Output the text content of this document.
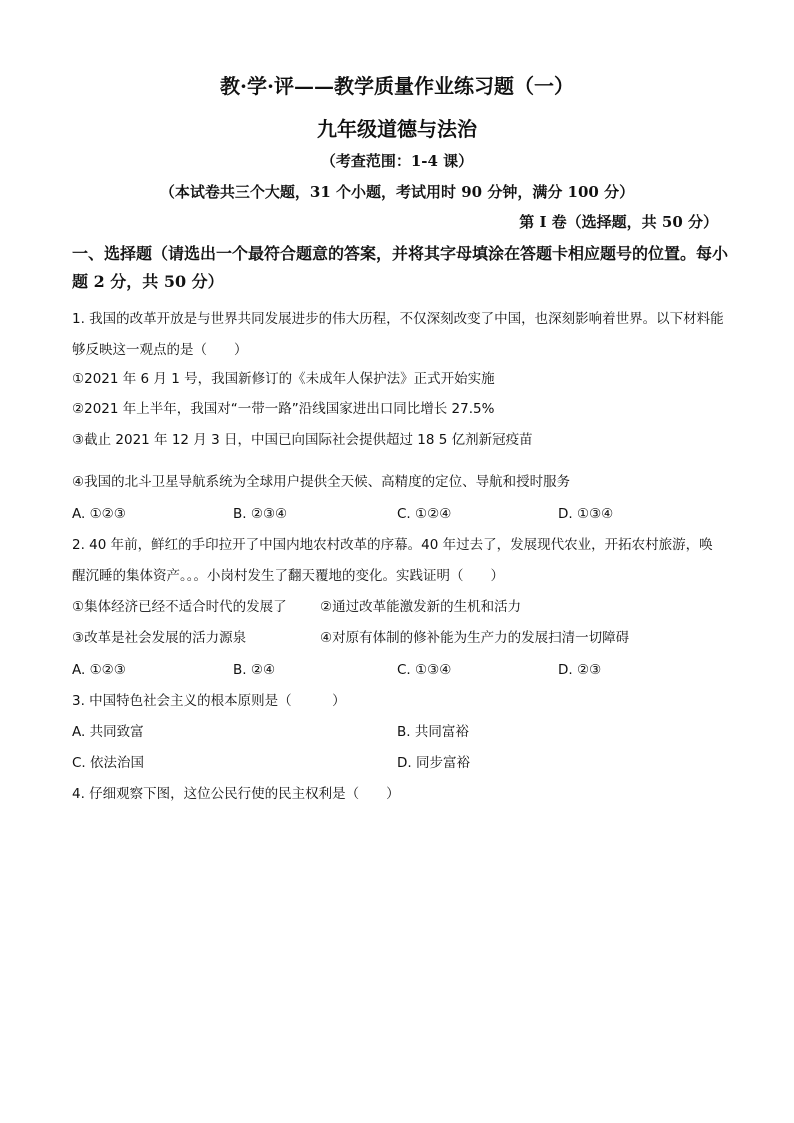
教·学·评——教学质量作业练习题（一）
九年级道德与法治
（考查范围：1-4 课）
（本试卷共三个大题，31 个小题，考试用时 90 分钟，满分 100 分）
第 I 卷（选择题，共 50 分）
一、选择题（请选出一个最符合题意的答案，并将其字母填涂在答题卡相应题号的位置。每小题 2 分，共 50 分）
1. 我国的改革开放是与世界共同发展进步的伟大历程，不仅深刻改变了中国，也深刻影响着世界。以下材料能够反映这一观点的是（　　）
①2021 年 6 月 1 号，我国新修订的《未成年人保护法》正式开始实施
②2021 年上半年，我国对“一带一路”沿线国家进出口同比增长 27.5%
③截止 2021 年 12 月 3 日，中国已向国际社会提供超过 18 5 亿剂新冠疫苗
④我国的北斗卫星导航系统为全球用户提供全天候、高精度的定位、导航和授时服务
A. ①②③	B. ②③④	C. ①②④	D. ①③④
2. 40 年前，鲜红的手印拉开了中国内地农村改革的序幕。40 年过去了，发展现代农业，开拓农村旅游，唤醒沉睡的集体资产。。。小岗村发生了翻天覆地的变化。实践证明（　　）
①集体经济已经不适合时代的发展了 ②通过改革能激发新的生机和活力
③改革是社会发展的活力源泉	④对原有体制的修补能为生产力的发展扫清一切障碍
A. ①②③	B. ②④	C. ①③④	D. ②③
3. 中国特色社会主义的根本原则是（　　　）
A. 共同致富	B. 共同富裕
C. 依法治国	D. 同步富裕
4. 仔细观察下图，这位公民行使的民主权利是（　　）
